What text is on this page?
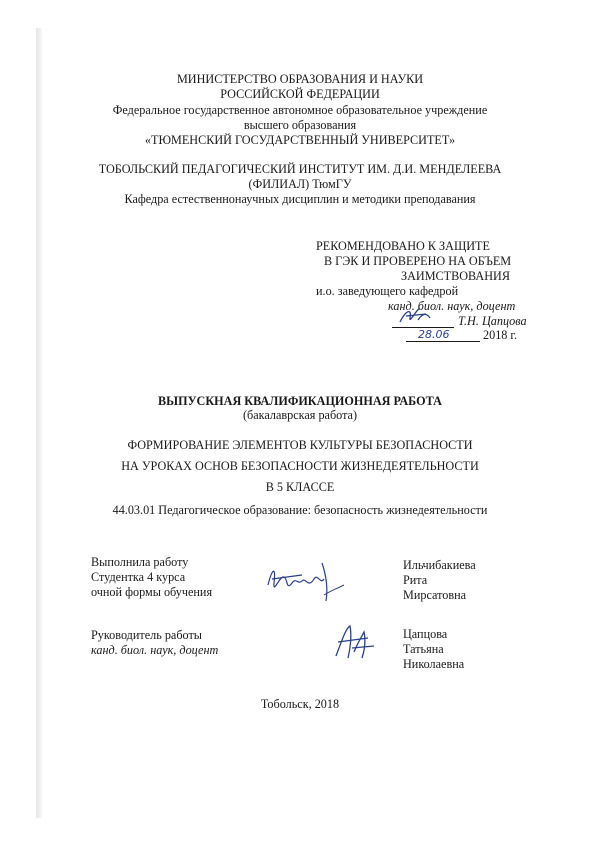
МИНИСТЕРСТВО ОБРАЗОВАНИЯ И НАУКИ
РОССИЙСКОЙ ФЕДЕРАЦИИ
Федеральное государственное автономное образовательное учреждение
высшего образования
«ТЮМЕНСКИЙ ГОСУДАРСТВЕННЫЙ УНИВЕРСИТЕТ»
ТОБОЛЬСКИЙ ПЕДАГОГИЧЕСКИЙ ИНСТИТУТ ИМ. Д.И. МЕНДЕЛЕЕВА
(ФИЛИАЛ) ТюмГУ
Кафедра естественнонаучных дисциплин и методики преподавания
РЕКОМЕНДОВАНО К ЗАЩИТЕ
В ГЭК И ПРОВЕРЕНО НА ОБЪЕМ
ЗАИМСТВОВАНИЯ
и.о. заведующего кафедрой
канд. биол. наук, доцент
Т.Н. Цапцова
28.06	2018 г.
ВЫПУСКНАЯ КВАЛИФИКАЦИОННАЯ РАБОТА
(бакалаврская работа)
ФОРМИРОВАНИЕ ЭЛЕМЕНТОВ КУЛЬТУРЫ БЕЗОПАСНОСТИ
НА УРОКАХ ОСНОВ БЕЗОПАСНОСТИ ЖИЗНЕДЕЯТЕЛЬНОСТИ
В 5 КЛАССЕ
44.03.01 Педагогическое образование: безопасность жизнедеятельности
Выполнила работу
Студентка 4 курса
очной формы обучения
Ильчибакиева
Рита
Мирсатовна
Руководитель работы
канд. биол. наук, доцент
Цапцова
Татьяна
Николаевна
Тобольск, 2018
